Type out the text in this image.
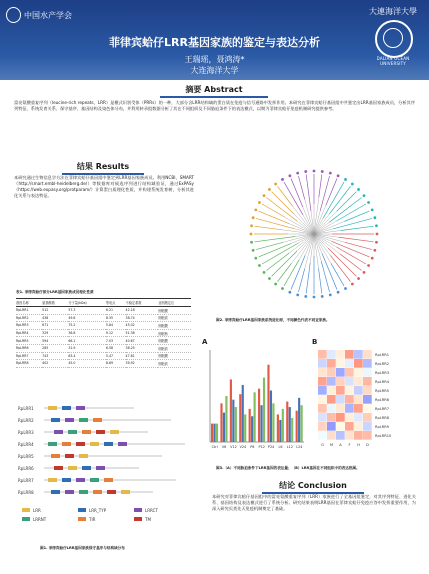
中国水产学会	大連海洋大學
DALIAN OCEAN UNIVERSITY
菲律宾蛤仔LRR基因家族的鉴定与表达分析
王瑞瑶，聂鸿涛*
大连海洋大学
摘要 Abstract
富亮氨酸重复序列（leucine-rich repeats，LRR）是模式识别受体（PRRs）的一种，大部分含LRR结构域的蛋白质在免疫与信号通路中发挥作用。本研究在菲律宾蛤仔基因组中共鉴定出LRR基因家族成员，分析其序列特征、系统发育关系、保守基序、基因结构及染色体分布，并利用转录组数据分析了其在不同组织及不同胁迫条件下的表达模式，以期为菲律宾蛤仔免疫机制研究提供参考。
结果 Results
本研究通过生物信息学方法在菲律宾蛤仔基因组中鉴定到LRR基因家族成员。利用NCBI、SMART（http://smart.embl-heidelberg.de/）等数据库对候选序列进行结构域验证，通过ExPASy（https://web.expasy.org/protparam/）计算蛋白质理化性质，并构建系统发育树，分析其进化关系与表达特征。
表1. 菲律宾蛤仔部分LRR基因家族成员理化性质
基因名称	氨基酸数	分子量(kDa)	等电点	不稳定系数	亚细胞定位
RpLRR1	512	57.3	6.21	42.18	细胞膜
RpLRR2	438	49.6	8.35	38.74	细胞质
RpLRR3	671	75.2	5.84	45.02	细胞膜
RpLRR4	329	36.8	9.12	51.36	细胞核
RpLRR5	594	66.1	7.03	40.67	细胞膜
RpLRR6	285	31.9	6.58	36.25	细胞质
RpLRR7	743	83.4	5.47	47.81	细胞膜
RpLRR8	402	45.0	8.69	39.92	细胞质
RpLRR1
RpLRR2
RpLRR3
RpLRR4
RpLRR5
RpLRR6
RpLRR7
RpLRR8
LRR	LRR_TYP	LRRCT
LRRNT	TIR	TM
图1. 菲律宾蛤仔LRR基因家族保守基序与结构域分布
图2. 菲律宾蛤仔LRR基因家族系统进化树，不同颜色代表不同亚家族。
A
Ctrl V6 V12 V24 P6 P12 P24 L6 L12 L24
B
RpLRR1
RpLRR2
RpLRR3
RpLRR4
RpLRR5
RpLRR6
RpLRR7
RpLRR8
RpLRR9
RpLRR10
G M A F H D
图3.（A）不同胁迫条件下LRR基因的表达量；（B）LRR基因在不同组织中的表达热图。
结论 Conclusion
本研究对菲律宾蛤仔基因组中的富亮氨酸重复序列（LRR）家族进行了全基因组鉴定，对其序列特征、进化关系、基因结构及表达模式进行了系统分析。研究结果表明LRR基因在菲律宾蛤仔免疫应答中发挥重要作用，为深入研究贝类先天免疫机制奠定了基础。
